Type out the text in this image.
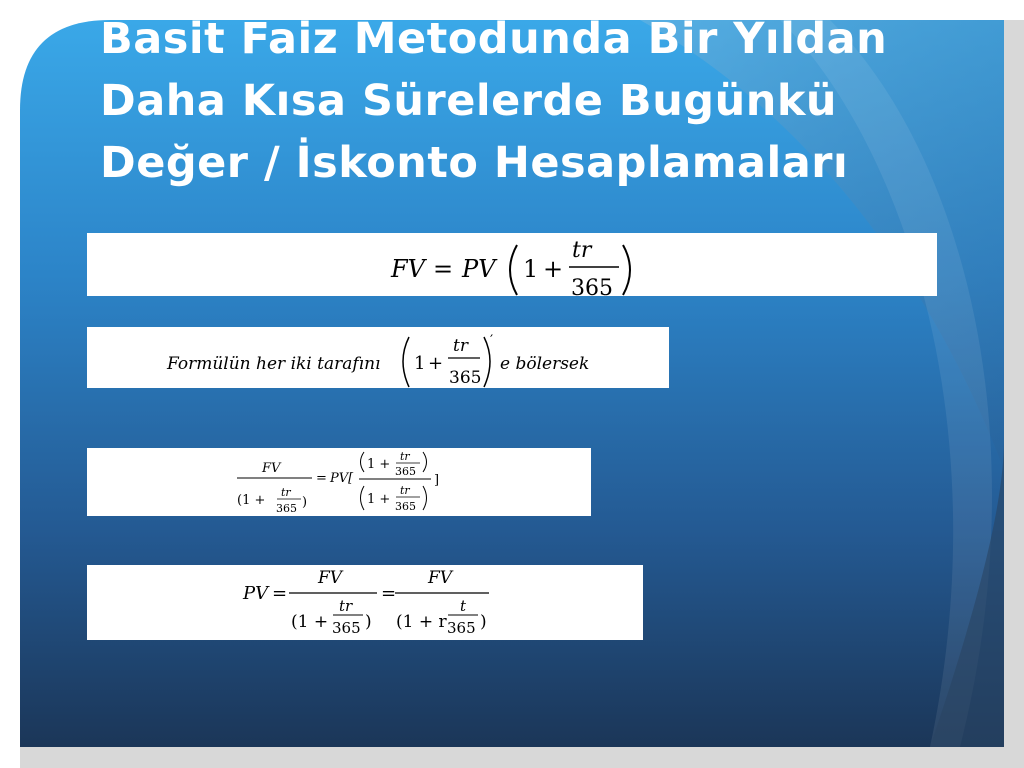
Basit Faiz Metodunda Bir Yıldan
Daha Kısa Sürelerde Bugünkü
Değer / İskonto Hesaplamaları
FV = PV 1 +
tr
365
Formülün her iki tarafını 1 +
tr
365
′
e bölersek
FV
(1 +
tr
365 )
= PV[
1 +
tr
365
1 +
tr
365
]
PV =
FV
(1 +
tr
365 )
=
FV
(1 + r
t
365 )
